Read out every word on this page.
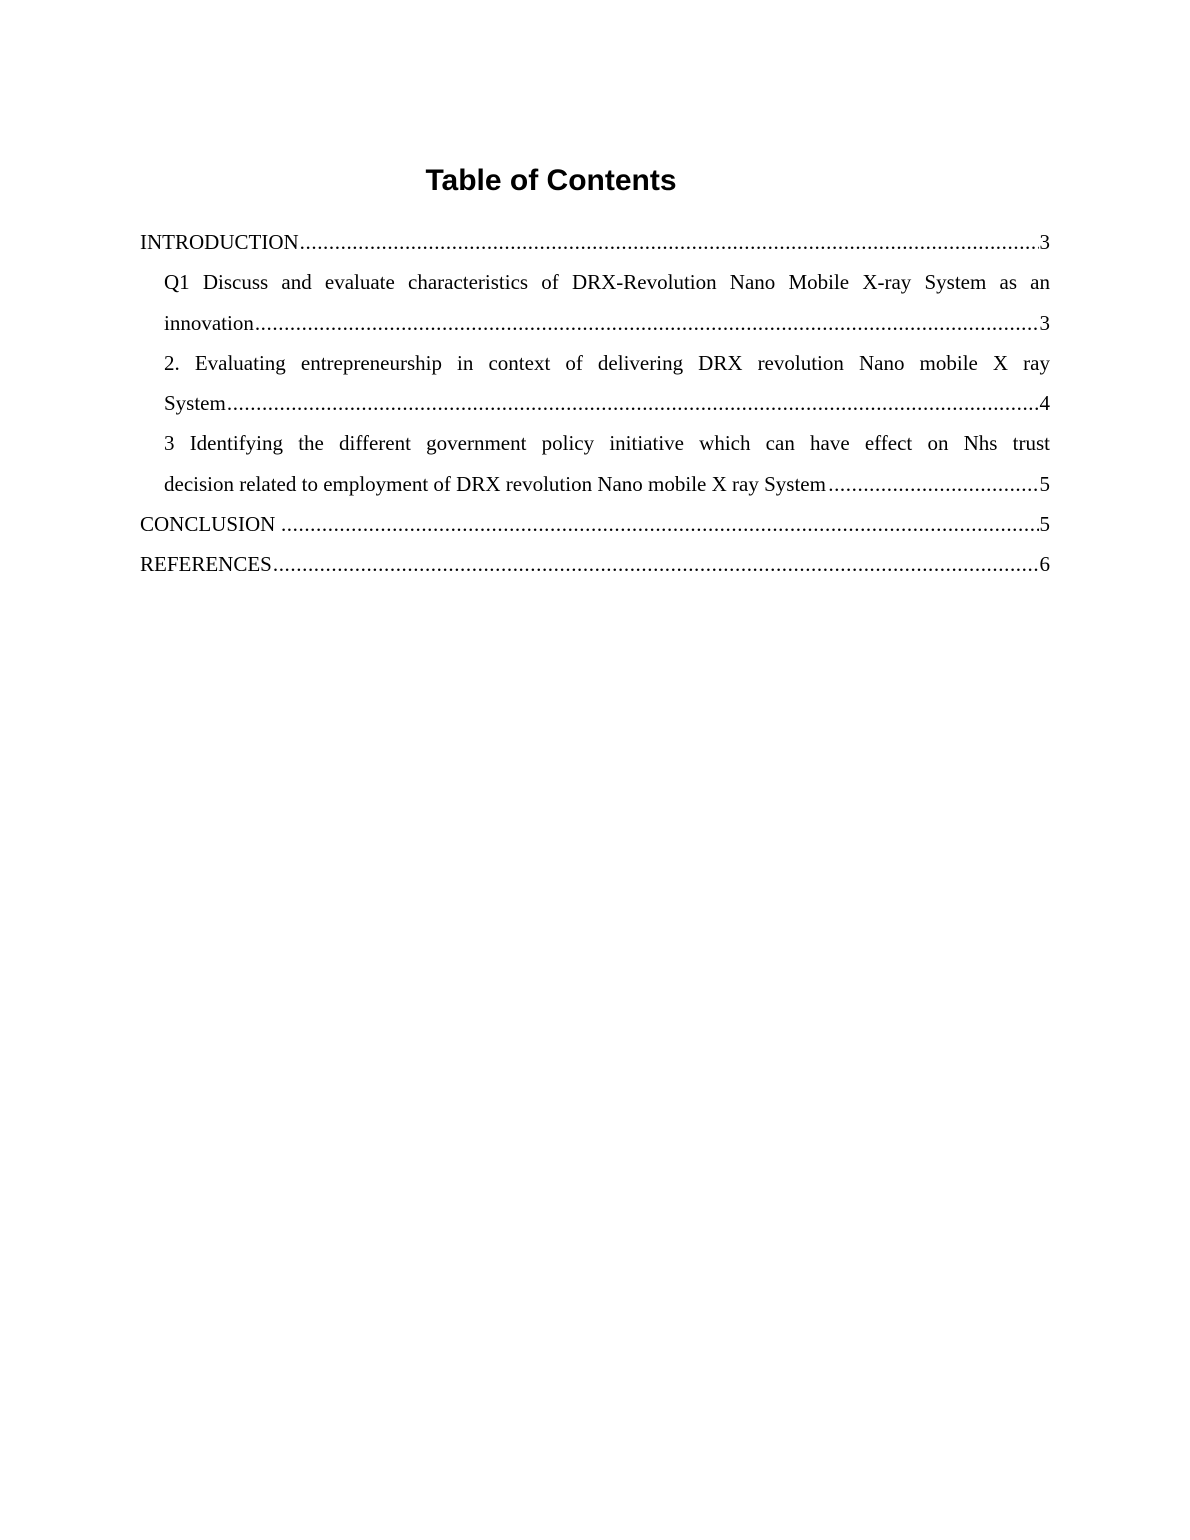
Table of Contents
INTRODUCTION .....	3
Q1 Discuss and evaluate characteristics of DRX-Revolution Nano Mobile X-ray System as an
innovation .....	3
2. Evaluating entrepreneurship in context of delivering DRX revolution Nano mobile X ray
System .....	4
3 Identifying the different government policy initiative which can have effect on Nhs trust
decision related to employment of DRX revolution Nano mobile X ray System .....	5
CONCLUSION .....	5
REFERENCES .....	6
